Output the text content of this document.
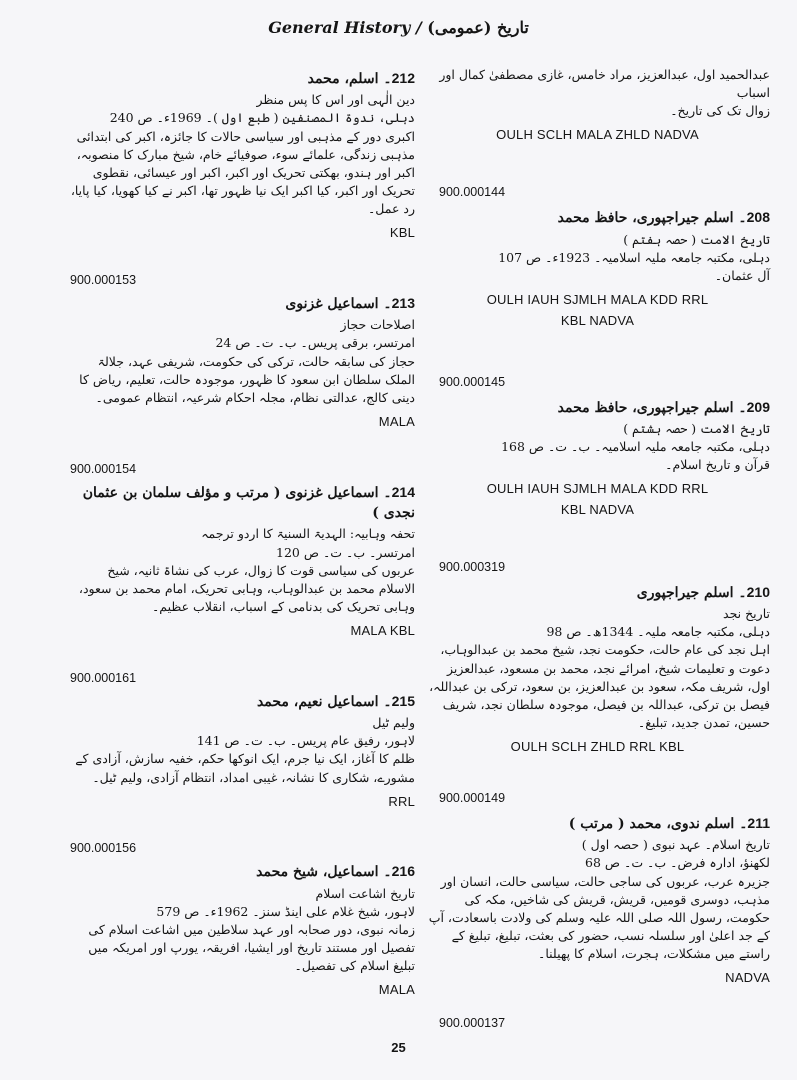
General History / تاریخ (عمومی)
عبدالحمید اول، عبدالعزیز، مراد خامس، غازی مصطفیٰ کمال اور اسباب
زوال تک کی تاریخ۔
OULH SCLH MALA ZHLD NADVA
900.000144
208۔ اسلم جیراجپوری، حافظ محمد
تاریخ الامت ( حصہ ہفتم )
دہلی، مکتبہ جامعہ ملیہ اسلامیہ۔ 1923ء۔ ص 107
آل عثمان۔
OULH IAUH SJMLH MALA KDD RRL
KBL NADVA
900.000145
209۔ اسلم جیراجپوری، حافظ محمد
تاریخ الامت ( حصہ ہشتم )
دہلی، مکتبہ جامعہ ملیہ اسلامیہ۔ ب۔ ت۔ ص 168
قرآن و تاریخ اسلام۔
OULH IAUH SJMLH MALA KDD RRL
KBL NADVA
900.000319
210۔ اسلم جیراجپوری
تاریخ نجد
دہلی، مکتبہ جامعہ ملیہ۔ 1344ھ۔ ص 98
اہل نجد کی عام حالت، حکومت نجد، شیخ محمد بن عبدالوہاب، دعوت و تعلیمات شیخ، امرائے نجد، محمد بن مسعود، عبدالعزیز اول، شریف مکہ، سعود بن عبدالعزیز، بن سعود، ترکی بن عبداللہ، فیصل بن ترکی، عبداللہ بن فیصل، موجودہ سلطان نجد، شریف حسین، تمدن جدید، تبلیغ۔
OULH SCLH ZHLD RRL KBL
900.000149
211۔ اسلم ندوی، محمد ( مرتب )
تاریخ اسلام۔ عہد نبوی ( حصہ اول )
لکھنؤ، ادارہ فرض۔ ب۔ ت۔ ص 68
جزیرہ عرب، عربوں کی ساجی حالت، سیاسی حالت، انسان اور مذہب، دوسری قومیں، قریش، قریش کی شاخیں، مکہ کی حکومت، رسول اللہ صلی اللہ علیہ وسلم کی ولادت باسعادت، آپ کے جد اعلیٰ اور سلسلہ نسب، حضور کی بعثت، تبلیغ، تبلیغ کے راستے میں مشکلات، ہجرت، اسلام کا پھیلنا۔
NADVA
900.000137
212۔ اسلم، محمد
دین الٰہی اور اس کا پس منظر
دہلی، ندوۃ المصنفین ( طبع اول )۔ 1969ء۔ ص 240
اکبری دور کے مذہبی اور سیاسی حالات کا جائزہ، اکبر کی ابتدائی مذہبی زندگی، علمائے سوء، صوفیائے خام، شیخ مبارک کا منصوبہ، اکبر اور ہندو، بھکتی تحریک اور اکبر، اکبر اور عیسائی، نقطوی تحریک اور اکبر، کیا اکبر ایک نیا ظہور تھا، اکبر نے کیا کھویا، کیا پایا، رد عمل۔
KBL
900.000153
213۔ اسماعیل غزنوی
اصلاحات حجاز
امرتسر، برقی پریس۔ ب۔ ت۔ ص 24
حجاز کی سابقہ حالت، ترکی کی حکومت، شریفی عہد، جلالۃ الملک سلطان ابن سعود کا ظہور، موجودہ حالت، تعلیم، ریاض کا دینی کالج، عدالتی نظام، مجلہ احکام شرعیہ، انتظام عمومی۔
MALA
900.000154
214۔ اسماعیل غزنوی ( مرتب و مؤلف سلمان بن عثمان نجدی )
تحفہ وہابیہ: الہدیۃ السنیۃ کا اردو ترجمہ
امرتسر۔ ب۔ ت۔ ص 120
عربوں کی سیاسی قوت کا زوال، عرب کی نشاۃ ثانیہ، شیخ الاسلام محمد بن عبدالوہاب، وہابی تحریک، امام محمد بن سعود، وہابی تحریک کی بدنامی کے اسباب، انقلاب عظیم۔
MALA KBL
900.000161
215۔ اسماعیل نعیم، محمد
ولیم ٹیل
لاہور، رفیق عام پریس۔ ب۔ ت۔ ص 141
ظلم کا آغاز، ایک نیا جرم، ایک انوکھا حکم، خفیہ سازش، آزادی کے مشورے، شکاری کا نشانہ، غیبی امداد، انتظام آزادی، ولیم ٹیل۔
RRL
900.000156
216۔ اسماعیل، شیخ محمد
تاریخ اشاعت اسلام
لاہور، شیخ غلام علی اینڈ سنز۔ 1962ء۔ ص 579
زمانہ نبوی، دور صحابہ اور عہد سلاطین میں اشاعت اسلام کی تفصیل اور مستند تاریخ اور ایشیا، افریقہ، یورپ اور امریکہ میں تبلیغ اسلام کی تفصیل۔
MALA
25
